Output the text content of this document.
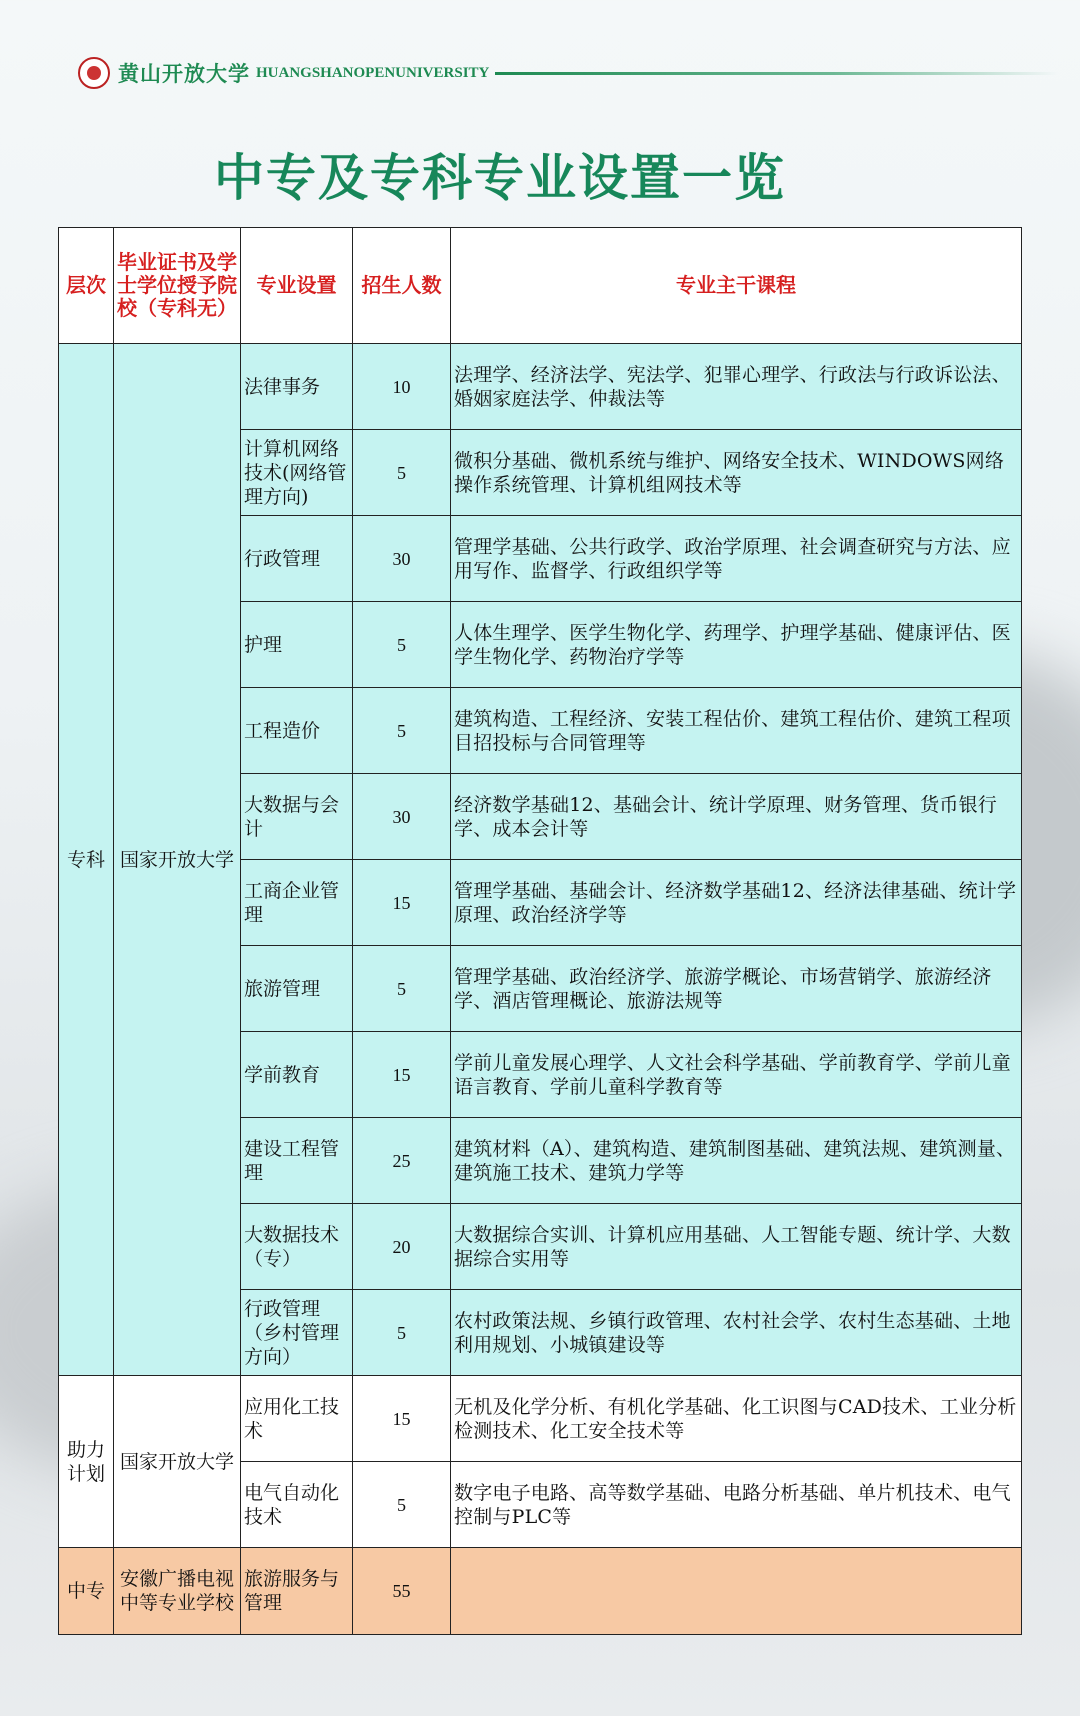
黄山开放大学 HUANGSHANOPENUNIVERSITY
中专及专科专业设置一览
层次	毕业证书及学士学位授予院校（专科无）	专业设置	招生人数	专业主干课程
专科	国家开放大学	法律事务	10	法理学、经济法学、宪法学、犯罪心理学、行政法与行政诉讼法、婚姻家庭法学、仲裁法等
		计算机网络技术(网络管理方向)	5	微积分基础、微机系统与维护、网络安全技术、WINDOWS网络操作系统管理、计算机组网技术等
		行政管理	30	管理学基础、公共行政学、政治学原理、社会调查研究与方法、应用写作、监督学、行政组织学等
		护理	5	人体生理学、医学生物化学、药理学、护理学基础、健康评估、医学生物化学、药物治疗学等
		工程造价	5	建筑构造、工程经济、安装工程估价、建筑工程估价、建筑工程项目招投标与合同管理等
		大数据与会计	30	经济数学基础12、基础会计、统计学原理、财务管理、货币银行学、成本会计等
		工商企业管理	15	管理学基础、基础会计、经济数学基础12、经济法律基础、统计学原理、政治经济学等
		旅游管理	5	管理学基础、政治经济学、旅游学概论、市场营销学、旅游经济学、酒店管理概论、旅游法规等
		学前教育	15	学前儿童发展心理学、人文社会科学基础、学前教育学、学前儿童语言教育、学前儿童科学教育等
		建设工程管理	25	建筑材料（A）、建筑构造、建筑制图基础、建筑法规、建筑测量、建筑施工技术、建筑力学等
		大数据技术（专）	20	大数据综合实训、计算机应用基础、人工智能专题、统计学、大数据综合实用等
		行政管理（乡村管理方向）	5	农村政策法规、乡镇行政管理、农村社会学、农村生态基础、土地利用规划、小城镇建设等
助力计划	国家开放大学	应用化工技术	15	无机及化学分析、有机化学基础、化工识图与CAD技术、工业分析检测技术、化工安全技术等
		电气自动化技术	5	数字电子电路、高等数学基础、电路分析基础、单片机技术、电气控制与PLC等
中专	安徽广播电视中等专业学校	旅游服务与管理	55	
